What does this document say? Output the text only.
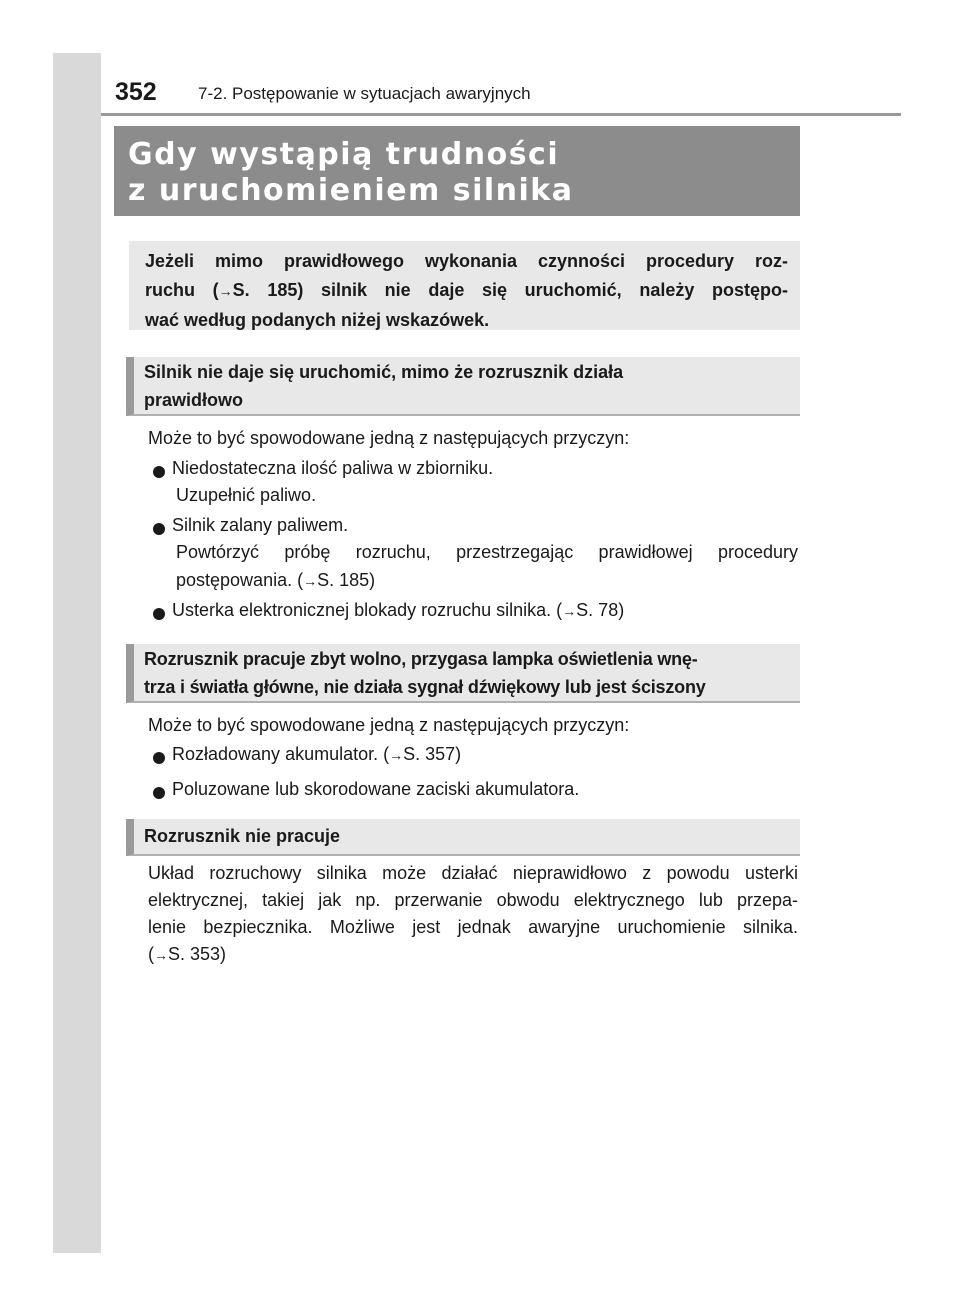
352 7-2. Postępowanie w sytuacjach awaryjnych
Gdy wystąpią trudności
z uruchomieniem silnika
Jeżeli mimo prawidłowego wykonania czynności procedury roz-
ruchu (→S. 185) silnik nie daje się uruchomić, należy postępo-
wać według podanych niżej wskazówek.
Silnik nie daje się uruchomić, mimo że rozrusznik działa
prawidłowo
Może to być spowodowane jedną z następujących przyczyn:
Niedostateczna ilość paliwa w zbiorniku.
Uzupełnić paliwo.
Silnik zalany paliwem.
Powtórzyć próbę rozruchu, przestrzegając prawidłowej procedury
postępowania. (→S. 185)
Usterka elektronicznej blokady rozruchu silnika. (→S. 78)
Rozrusznik pracuje zbyt wolno, przygasa lampka oświetlenia wnę-
trza i światła główne, nie działa sygnał dźwiękowy lub jest ściszony
Może to być spowodowane jedną z następujących przyczyn:
Rozładowany akumulator. (→S. 357)
Poluzowane lub skorodowane zaciski akumulatora.
Rozrusznik nie pracuje
Układ rozruchowy silnika może działać nieprawidłowo z powodu usterki
elektrycznej, takiej jak np. przerwanie obwodu elektrycznego lub przepa-
lenie bezpiecznika. Możliwe jest jednak awaryjne uruchomienie silnika.
(→S. 353)
